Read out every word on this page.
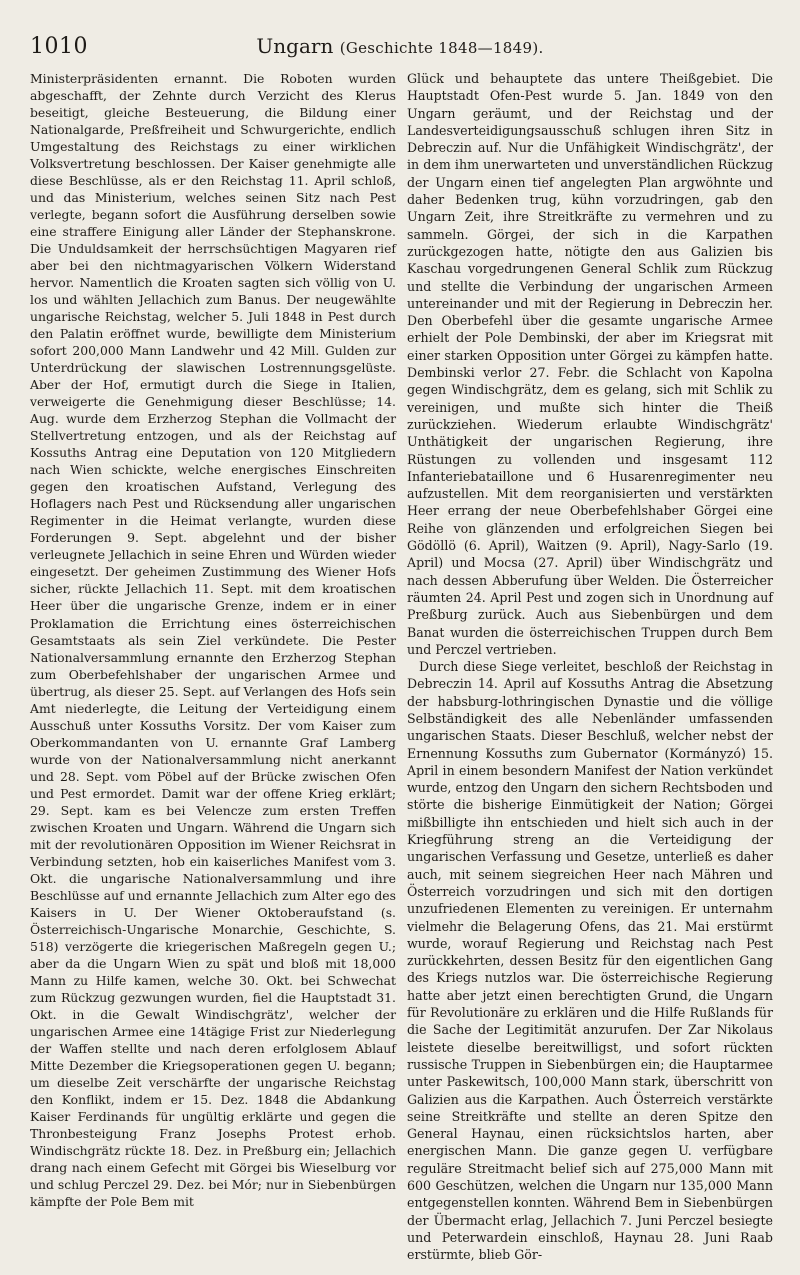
1010	Ungarn (Geschichte 1848—1849).

Ministerpräsidenten ernannt. Die Roboten wurden abgeschafft, der Zehnte durch Verzicht des Klerus beseitigt, gleiche Besteuerung, die Bildung einer Nationalgarde, Preßfreiheit und Schwurgerichte, endlich Umgestaltung des Reichstags zu einer wirklichen Volksvertretung beschlossen. Der Kaiser genehmigte alle diese Beschlüsse, als er den Reichstag 11. April schloß, und das Ministerium, welches seinen Sitz nach Pest verlegte, begann sofort die Ausführung derselben sowie eine straffere Einigung aller Länder der Stephanskrone. Die Unduldsamkeit der herrschsüchtigen Magyaren rief aber bei den nichtmagyarischen Völkern Widerstand hervor. Namentlich die Kroaten sagten sich völlig von U. los und wählten Jellachich zum Banus. Der neugewählte ungarische Reichstag, welcher 5. Juli 1848 in Pest durch den Palatin eröffnet wurde, bewilligte dem Ministerium sofort 200,000 Mann Landwehr und 42 Mill. Gulden zur Unterdrückung der slawischen Lostrennungsgelüste. Aber der Hof, ermutigt durch die Siege in Italien, verweigerte die Genehmigung dieser Beschlüsse; 14. Aug. wurde dem Erzherzog Stephan die Vollmacht der Stellvertretung entzogen, und als der Reichstag auf Kossuths Antrag eine Deputation von 120 Mitgliedern nach Wien schickte, welche energisches Einschreiten gegen den kroatischen Aufstand, Verlegung des Hoflagers nach Pest und Rücksendung aller ungarischen Regimenter in die Heimat verlangte, wurden diese Forderungen 9. Sept. abgelehnt und der bisher verleugnete Jellachich in seine Ehren und Würden wieder eingesetzt. Der geheimen Zustimmung des Wiener Hofs sicher, rückte Jellachich 11. Sept. mit dem kroatischen Heer über die ungarische Grenze, indem er in einer Proklamation die Errichtung eines österreichischen Gesamtstaats als sein Ziel verkündete. Die Pester Nationalversammlung ernannte den Erzherzog Stephan zum Oberbefehlshaber der ungarischen Armee und übertrug, als dieser 25. Sept. auf Verlangen des Hofs sein Amt niederlegte, die Leitung der Verteidigung einem Ausschuß unter Kossuths Vorsitz. Der vom Kaiser zum Oberkommandanten von U. ernannte Graf Lamberg wurde von der Nationalversammlung nicht anerkannt und 28. Sept. vom Pöbel auf der Brücke zwischen Ofen und Pest ermordet. Damit war der offene Krieg erklärt; 29. Sept. kam es bei Velencze zum ersten Treffen zwischen Kroaten und Ungarn. Während die Ungarn sich mit der revolutionären Opposition im Wiener Reichsrat in Verbindung setzten, hob ein kaiserliches Manifest vom 3. Okt. die ungarische Nationalversammlung und ihre Beschlüsse auf und ernannte Jellachich zum Alter ego des Kaisers in U. Der Wiener Oktoberaufstand (s. Österreichisch-Ungarische Monarchie, Geschichte, S. 518) verzögerte die kriegerischen Maßregeln gegen U.; aber da die Ungarn Wien zu spät und bloß mit 18,000 Mann zu Hilfe kamen, welche 30. Okt. bei Schwechat zum Rückzug gezwungen wurden, fiel die Hauptstadt 31. Okt. in die Gewalt Windischgrätz', welcher der ungarischen Armee eine 14tägige Frist zur Niederlegung der Waffen stellte und nach deren erfolglosem Ablauf Mitte Dezember die Kriegsoperationen gegen U. begann; um dieselbe Zeit verschärfte der ungarische Reichstag den Konflikt, indem er 15. Dez. 1848 die Abdankung Kaiser Ferdinands für ungültig erklärte und gegen die Thronbesteigung Franz Josephs Protest erhob. Windischgrätz rückte 18. Dez. in Preßburg ein; Jellachich drang nach einem Gefecht mit Görgei bis Wieselburg vor und schlug Perczel 29. Dez. bei Mór; nur in Siebenbürgen kämpfte der Pole Bem mit

Glück und behauptete das untere Theißgebiet. Die Hauptstadt Ofen-Pest wurde 5. Jan. 1849 von den Ungarn geräumt, und der Reichstag und der Landesverteidigungsausschuß schlugen ihren Sitz in Debreczin auf. Nur die Unfähigkeit Windischgrätz', der in dem ihm unerwarteten und unverständlichen Rückzug der Ungarn einen tief angelegten Plan argwöhnte und daher Bedenken trug, kühn vorzudringen, gab den Ungarn Zeit, ihre Streitkräfte zu vermehren und zu sammeln. Görgei, der sich in die Karpathen zurückgezogen hatte, nötigte den aus Galizien bis Kaschau vorgedrungenen General Schlik zum Rückzug und stellte die Verbindung der ungarischen Armeen untereinander und mit der Regierung in Debreczin her. Den Oberbefehl über die gesamte ungarische Armee erhielt der Pole Dembinski, der aber im Kriegsrat mit einer starken Opposition unter Görgei zu kämpfen hatte. Dembinski verlor 27. Febr. die Schlacht von Kapolna gegen Windischgrätz, dem es gelang, sich mit Schlik zu vereinigen, und mußte sich hinter die Theiß zurückziehen. Wiederum erlaubte Windischgrätz' Unthätigkeit der ungarischen Regierung, ihre Rüstungen zu vollenden und insgesamt 112 Infanteriebataillone und 6 Husarenregimenter neu aufzustellen. Mit dem reorganisierten und verstärkten Heer errang der neue Oberbefehlshaber Görgei eine Reihe von glänzenden und erfolgreichen Siegen bei Gödöllö (6. April), Waitzen (9. April), Nagy-Sarlo (19. April) und Mocsa (27. April) über Windischgrätz und nach dessen Abberufung über Welden. Die Österreicher räumten 24. April Pest und zogen sich in Unordnung auf Preßburg zurück. Auch aus Siebenbürgen und dem Banat wurden die österreichischen Truppen durch Bem und Perczel vertrieben.

Durch diese Siege verleitet, beschloß der Reichstag in Debreczin 14. April auf Kossuths Antrag die Absetzung der habsburg-lothringischen Dynastie und die völlige Selbständigkeit des alle Nebenländer umfassenden ungarischen Staats. Dieser Beschluß, welcher nebst der Ernennung Kossuths zum Gubernator (Kormányzó) 15. April in einem besondern Manifest der Nation verkündet wurde, entzog den Ungarn den sichern Rechtsboden und störte die bisherige Einmütigkeit der Nation; Görgei mißbilligte ihn entschieden und hielt sich auch in der Kriegführung streng an die Verteidigung der ungarischen Verfassung und Gesetze, unterließ es daher auch, mit seinem siegreichen Heer nach Mähren und Österreich vorzudringen und sich mit den dortigen unzufriedenen Elementen zu vereinigen. Er unternahm vielmehr die Belagerung Ofens, das 21. Mai erstürmt wurde, worauf Regierung und Reichstag nach Pest zurückkehrten, dessen Besitz für den eigentlichen Gang des Kriegs nutzlos war. Die österreichische Regierung hatte aber jetzt einen berechtigten Grund, die Ungarn für Revolutionäre zu erklären und die Hilfe Rußlands für die Sache der Legitimität anzurufen. Der Zar Nikolaus leistete dieselbe bereitwilligst, und sofort rückten russische Truppen in Siebenbürgen ein; die Hauptarmee unter Paskewitsch, 100,000 Mann stark, überschritt von Galizien aus die Karpathen. Auch Österreich verstärkte seine Streitkräfte und stellte an deren Spitze den General Haynau, einen rücksichtslos harten, aber energischen Mann. Die ganze gegen U. verfügbare reguläre Streitmacht belief sich auf 275,000 Mann mit 600 Geschützen, welchen die Ungarn nur 135,000 Mann entgegenstellen konnten. Während Bem in Siebenbürgen der Übermacht erlag, Jellachich 7. Juni Perczel besiegte und Peterwardein einschloß, Haynau 28. Juni Raab erstürmte, blieb Gör-
